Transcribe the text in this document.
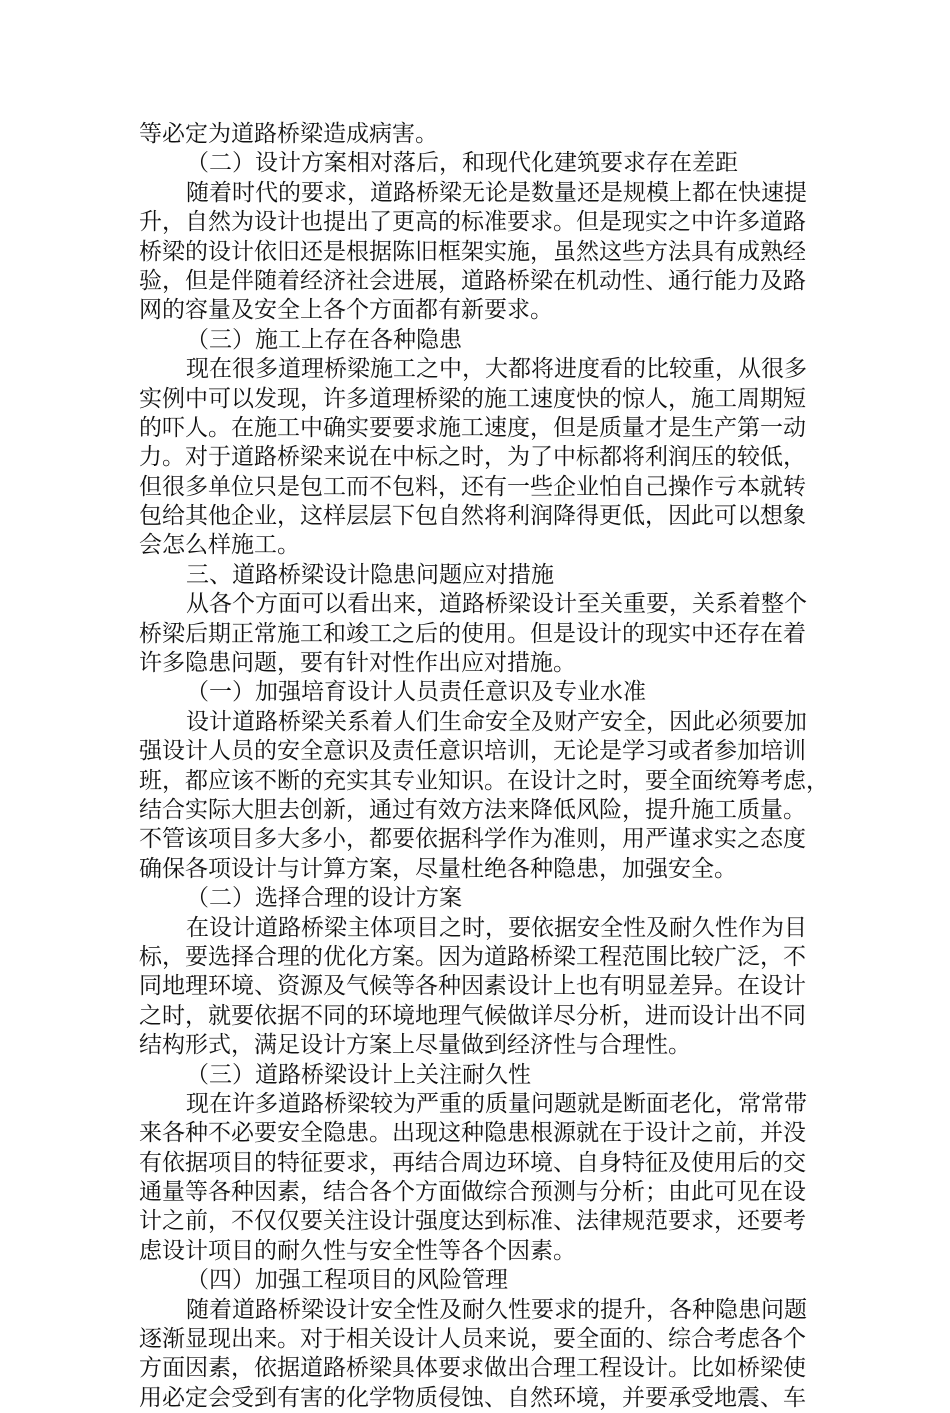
等必定为道路桥梁造成病害。
（二）设计方案相对落后，和现代化建筑要求存在差距
随着时代的要求，道路桥梁无论是数量还是规模上都在快速提
升，自然为设计也提出了更高的标准要求。但是现实之中许多道路
桥梁的设计依旧还是根据陈旧框架实施，虽然这些方法具有成熟经
验，但是伴随着经济社会进展，道路桥梁在机动性、通行能力及路
网的容量及安全上各个方面都有新要求。
（三）施工上存在各种隐患
现在很多道理桥梁施工之中，大都将进度看的比较重，从很多
实例中可以发现，许多道理桥梁的施工速度快的惊人，施工周期短
的吓人。在施工中确实要要求施工速度，但是质量才是生产第一动
力。对于道路桥梁来说在中标之时，为了中标都将利润压的较低，
但很多单位只是包工而不包料，还有一些企业怕自己操作亏本就转
包给其他企业，这样层层下包自然将利润降得更低，因此可以想象
会怎么样施工。
三、道路桥梁设计隐患问题应对措施
从各个方面可以看出来，道路桥梁设计至关重要，关系着整个
桥梁后期正常施工和竣工之后的使用。但是设计的现实中还存在着
许多隐患问题，要有针对性作出应对措施。
（一）加强培育设计人员责任意识及专业水准
设计道路桥梁关系着人们生命安全及财产安全，因此必须要加
强设计人员的安全意识及责任意识培训，无论是学习或者参加培训
班，都应该不断的充实其专业知识。在设计之时，要全面统筹考虑，
结合实际大胆去创新，通过有效方法来降低风险，提升施工质量。
不管该项目多大多小，都要依据科学作为准则，用严谨求实之态度
确保各项设计与计算方案，尽量杜绝各种隐患，加强安全。
（二）选择合理的设计方案
在设计道路桥梁主体项目之时，要依据安全性及耐久性作为目
标，要选择合理的优化方案。因为道路桥梁工程范围比较广泛，不
同地理环境、资源及气候等各种因素设计上也有明显差异。在设计
之时，就要依据不同的环境地理气候做详尽分析，进而设计出不同
结构形式，满足设计方案上尽量做到经济性与合理性。
（三）道路桥梁设计上关注耐久性
现在许多道路桥梁较为严重的质量问题就是断面老化，常常带
来各种不必要安全隐患。出现这种隐患根源就在于设计之前，并没
有依据项目的特征要求，再结合周边环境、自身特征及使用后的交
通量等各种因素，结合各个方面做综合预测与分析；由此可见在设
计之前，不仅仅要关注设计强度达到标准、法律规范要求，还要考
虑设计项目的耐久性与安全性等各个因素。
（四）加强工程项目的风险管理
随着道路桥梁设计安全性及耐久性要求的提升，各种隐患问题
逐渐显现出来。对于相关设计人员来说，要全面的、综合考虑各个
方面因素，依据道路桥梁具体要求做出合理工程设计。比如桥梁使
用必定会受到有害的化学物质侵蚀、自然环境，并要承受地震、车
